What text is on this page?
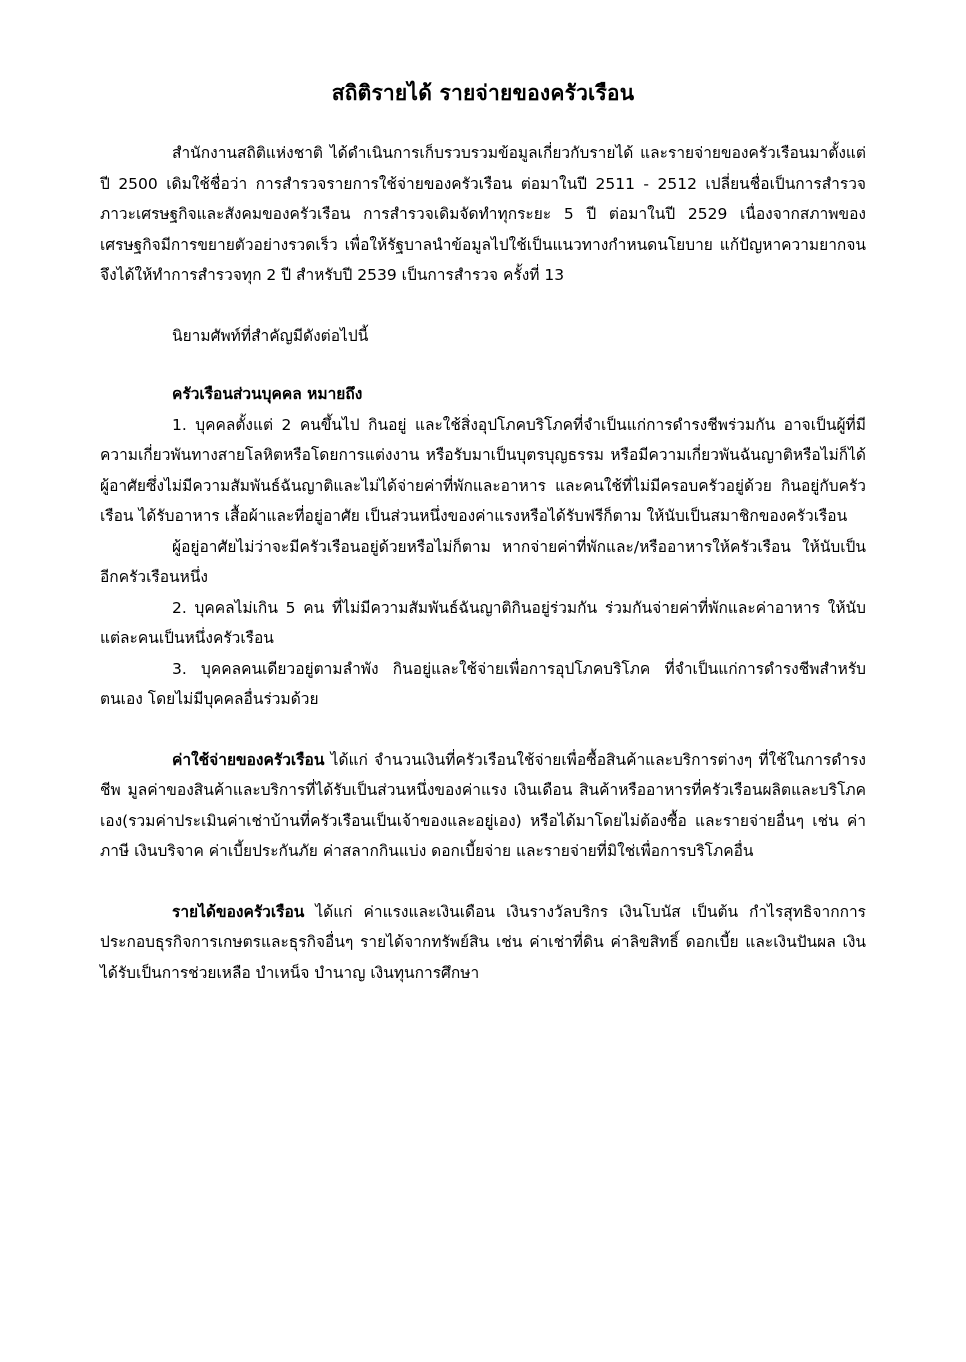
สถิติรายได้ รายจ่ายของครัวเรือน

สำนักงานสถิติแห่งชาติ ได้ดำเนินการเก็บรวบรวมข้อมูลเกี่ยวกับรายได้ และรายจ่ายของครัวเรือนมาตั้งแต่ปี 2500 เดิมใช้ชื่อว่า การสำรวจรายการใช้จ่ายของครัวเรือน ต่อมาในปี 2511 - 2512 เปลี่ยนชื่อเป็นการสำรวจภาวะเศรษฐกิจและสังคมของครัวเรือน การสำรวจเดิมจัดทำทุกระยะ 5 ปี ต่อมาในปี 2529 เนื่องจากสภาพของเศรษฐกิจมีการขยายตัวอย่างรวดเร็ว เพื่อให้รัฐบาลนำข้อมูลไปใช้เป็นแนวทางกำหนดนโยบาย แก้ปัญหาความยากจน จึงได้ให้ทำการสำรวจทุก 2 ปี สำหรับปี 2539 เป็นการสำรวจ ครั้งที่ 13

นิยามศัพท์ที่สำคัญมีดังต่อไปนี้

ครัวเรือนส่วนบุคคล หมายถึง

1. บุคคลตั้งแต่ 2 คนขึ้นไป กินอยู่ และใช้สิ่งอุปโภคบริโภคที่จำเป็นแก่การดำรงชีพร่วมกัน อาจเป็นผู้ที่มีความเกี่ยวพันทางสายโลหิตหรือโดยการแต่งงาน หรือรับมาเป็นบุตรบุญธรรม หรือมีความเกี่ยวพันฉันญาติหรือไม่ก็ได้ผู้อาศัยซึ่งไม่มีความสัมพันธ์ฉันญาติและไม่ได้จ่ายค่าที่พักและอาหาร และคนใช้ที่ไม่มีครอบครัวอยู่ด้วย กินอยู่กับครัวเรือน ได้รับอาหาร เสื้อผ้าและที่อยู่อาศัย เป็นส่วนหนึ่งของค่าแรงหรือได้รับฟรีก็ตาม ให้นับเป็นสมาชิกของครัวเรือน

ผู้อยู่อาศัยไม่ว่าจะมีครัวเรือนอยู่ด้วยหรือไม่ก็ตาม หากจ่ายค่าที่พักและ/หรืออาหารให้ครัวเรือน ให้นับเป็นอีกครัวเรือนหนึ่ง

2. บุคคลไม่เกิน 5 คน ที่ไม่มีความสัมพันธ์ฉันญาติกินอยู่ร่วมกัน ร่วมกันจ่ายค่าที่พักและค่าอาหาร ให้นับแต่ละคนเป็นหนึ่งครัวเรือน

3. บุคคลคนเดียวอยู่ตามลำพัง กินอยู่และใช้จ่ายเพื่อการอุปโภคบริโภค ที่จำเป็นแก่การดำรงชีพสำหรับตนเอง โดยไม่มีบุคคลอื่นร่วมด้วย

ค่าใช้จ่ายของครัวเรือน ได้แก่ จำนวนเงินที่ครัวเรือนใช้จ่ายเพื่อซื้อสินค้าและบริการต่างๆ ที่ใช้ในการดำรงชีพ มูลค่าของสินค้าและบริการที่ได้รับเป็นส่วนหนึ่งของค่าแรง เงินเดือน สินค้าหรืออาหารที่ครัวเรือนผลิตและบริโภคเอง(รวมค่าประเมินค่าเช่าบ้านที่ครัวเรือนเป็นเจ้าของและอยู่เอง) หรือได้มาโดยไม่ต้องซื้อ และรายจ่ายอื่นๆ เช่น ค่าภาษี เงินบริจาค ค่าเบี้ยประกันภัย ค่าสลากกินแบ่ง ดอกเบี้ยจ่าย และรายจ่ายที่มิใช่เพื่อการบริโภคอื่น

รายได้ของครัวเรือน ได้แก่ ค่าแรงและเงินเดือน เงินรางวัลบริกร เงินโบนัส เป็นต้น กำไรสุทธิจากการประกอบธุรกิจการเกษตรและธุรกิจอื่นๆ รายได้จากทรัพย์สิน เช่น ค่าเช่าที่ดิน ค่าลิขสิทธิ์ ดอกเบี้ย และเงินปันผล เงินได้รับเป็นการช่วยเหลือ บำเหน็จ บำนาญ เงินทุนการศึกษา
